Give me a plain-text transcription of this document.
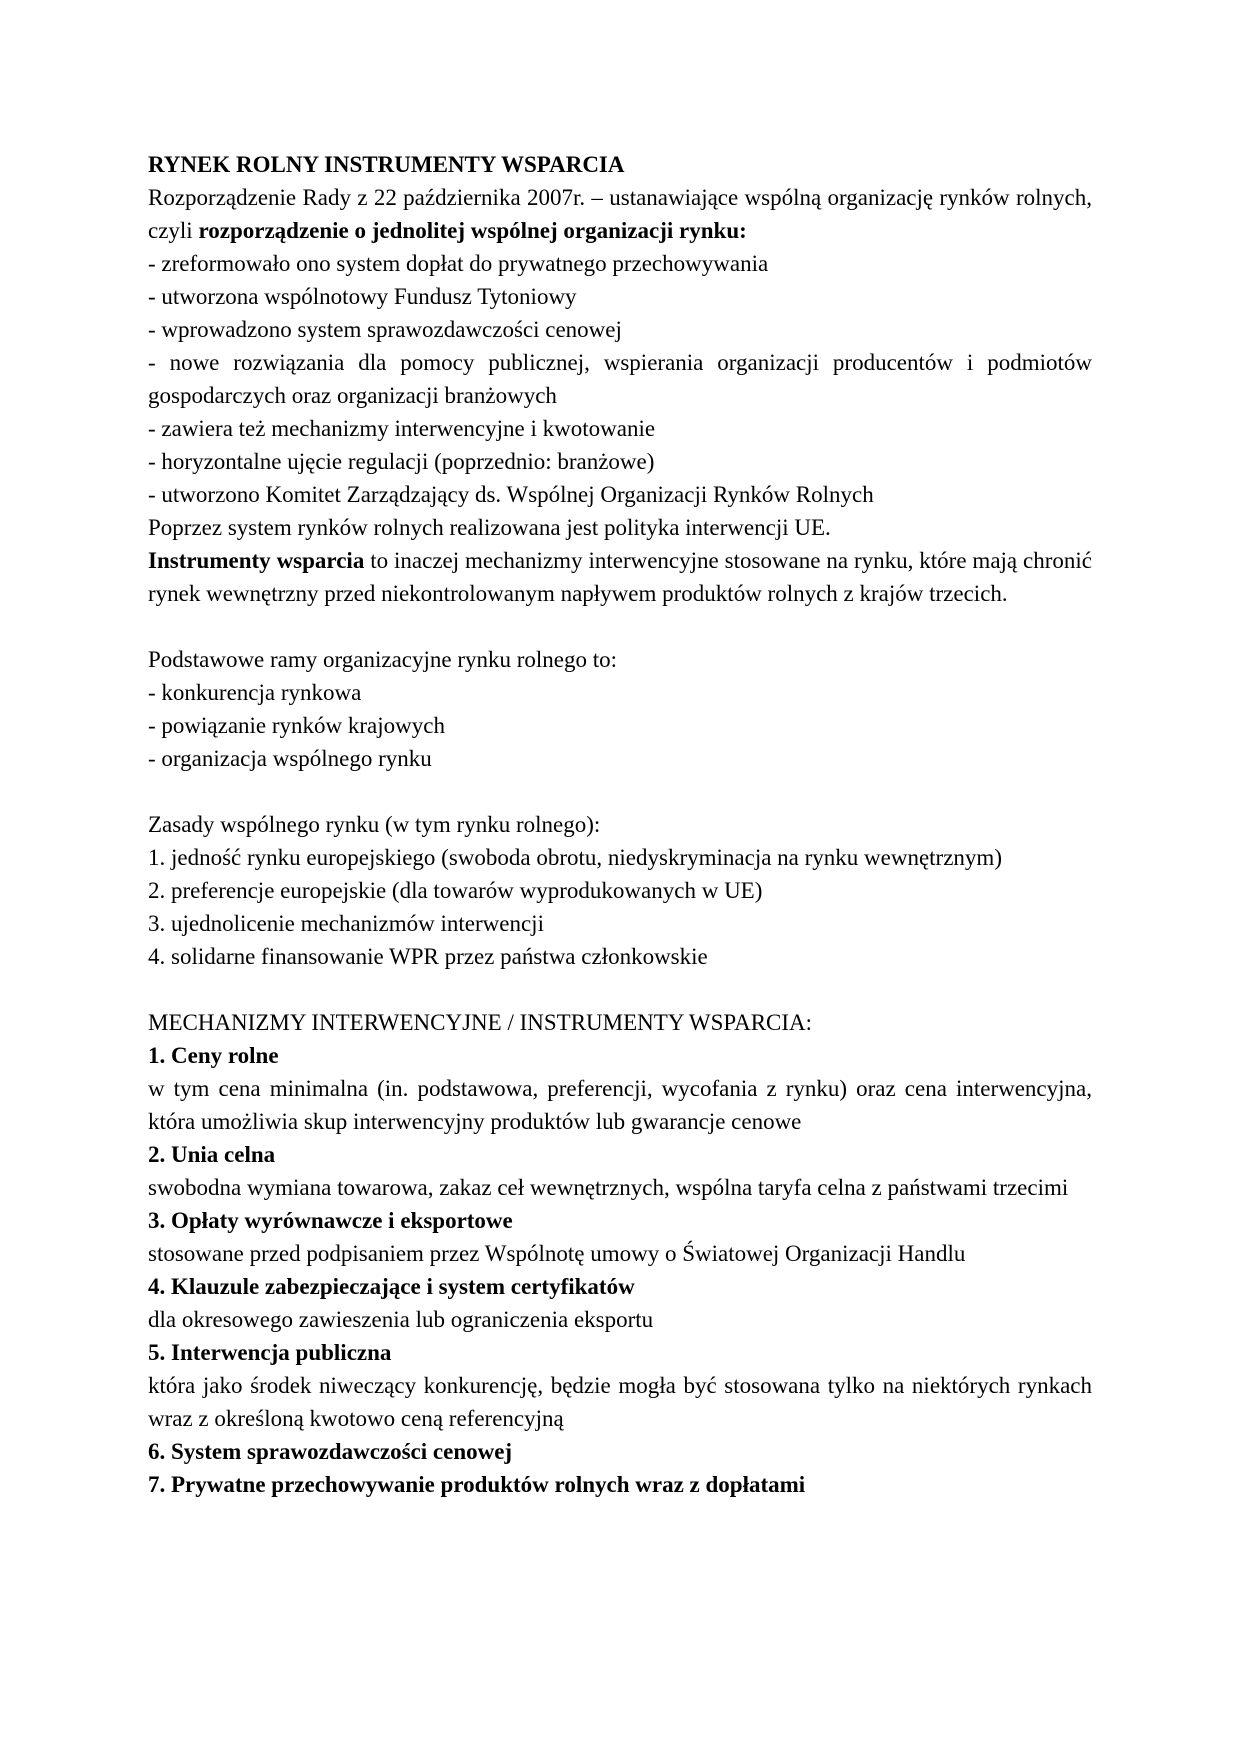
RYNEK ROLNY INSTRUMENTY WSPARCIA

Rozporządzenie Rady z 22 października 2007r. – ustanawiające wspólną organizację rynków rolnych, czyli rozporządzenie o jednolitej wspólnej organizacji rynku:

- zreformowało ono system dopłat do prywatnego przechowywania

- utworzona wspólnotowy Fundusz Tytoniowy

- wprowadzono system sprawozdawczości cenowej

- nowe rozwiązania dla pomocy publicznej, wspierania organizacji producentów i podmiotów gospodarczych oraz organizacji branżowych

- zawiera też mechanizmy interwencyjne i kwotowanie

- horyzontalne ujęcie regulacji (poprzednio: branżowe)

- utworzono Komitet Zarządzający ds. Wspólnej Organizacji Rynków Rolnych

Poprzez system rynków rolnych realizowana jest polityka interwencji UE.

Instrumenty wsparcia to inaczej mechanizmy interwencyjne stosowane na rynku, które mają chronić rynek wewnętrzny przed niekontrolowanym napływem produktów rolnych z krajów trzecich.

Podstawowe ramy organizacyjne rynku rolnego to:

- konkurencja rynkowa

- powiązanie rynków krajowych

- organizacja wspólnego rynku

Zasady wspólnego rynku (w tym rynku rolnego):

1. jedność rynku europejskiego (swoboda obrotu, niedyskryminacja na rynku wewnętrznym)

2. preferencje europejskie (dla towarów wyprodukowanych w UE)

3. ujednolicenie mechanizmów interwencji

4. solidarne finansowanie WPR przez państwa członkowskie

MECHANIZMY INTERWENCYJNE / INSTRUMENTY WSPARCIA:

1. Ceny rolne

w tym cena minimalna (in. podstawowa, preferencji, wycofania z rynku) oraz cena interwencyjna, która umożliwia skup interwencyjny produktów lub gwarancje cenowe

2. Unia celna

swobodna wymiana towarowa, zakaz ceł wewnętrznych, wspólna taryfa celna z państwami trzecimi

3. Opłaty wyrównawcze i eksportowe

stosowane przed podpisaniem przez Wspólnotę umowy o Światowej Organizacji Handlu

4. Klauzule zabezpieczające i system certyfikatów

dla okresowego zawieszenia lub ograniczenia eksportu

5. Interwencja publiczna

która jako środek niweczący konkurencję, będzie mogła być stosowana tylko na niektórych rynkach wraz z określoną kwotowo ceną referencyjną

6. System sprawozdawczości cenowej

7. Prywatne przechowywanie produktów rolnych wraz z dopłatami
